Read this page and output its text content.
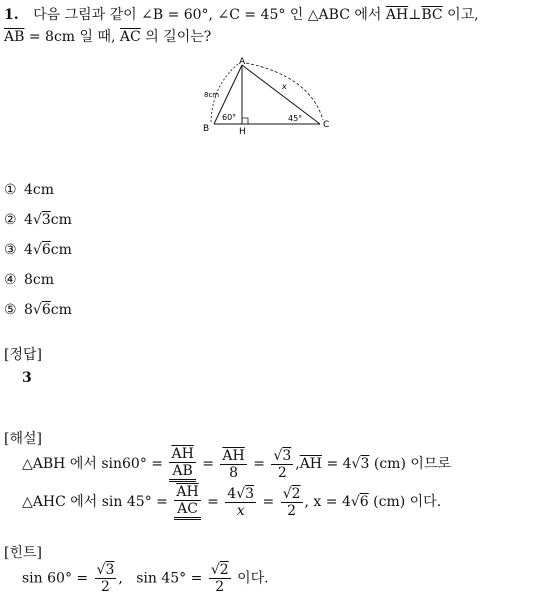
1. 다음 그림과 같이 ∠B = 60°, ∠C = 45° 인 △ABC 에서 $\overline{AH}\perp\overline{BC}$ 이고,
$\overline{AB} = 8cm$ 일 때, $\overline{AC}$ 의 길이는?
A
B	C
H
8cm
x
60°	45°
① 4cm
② 4√3cm
③ 4√6cm
④ 8cm
⑤ 8√6cm
[정답]
3
[해설]
△ABH 에서 $\sin 60^\circ = \frac{\overline{AH}}{AB} = \frac{\overline{AH}}{8} = \frac{√3}{2} ,\overline{AH} = 4√3$ (cm) 이므로
△AHC 에서 $\sin 45^\circ = \frac{\overline{AH}}{AC} = \frac{4√3}{x} = \frac{√2}{2}$ , x = 4√6 (cm) 이다.
[힌트]
$\sin 60^\circ = \frac{√3}{2}$ ,   $\sin 45^\circ = \frac{√2}{2}$ 이다.
